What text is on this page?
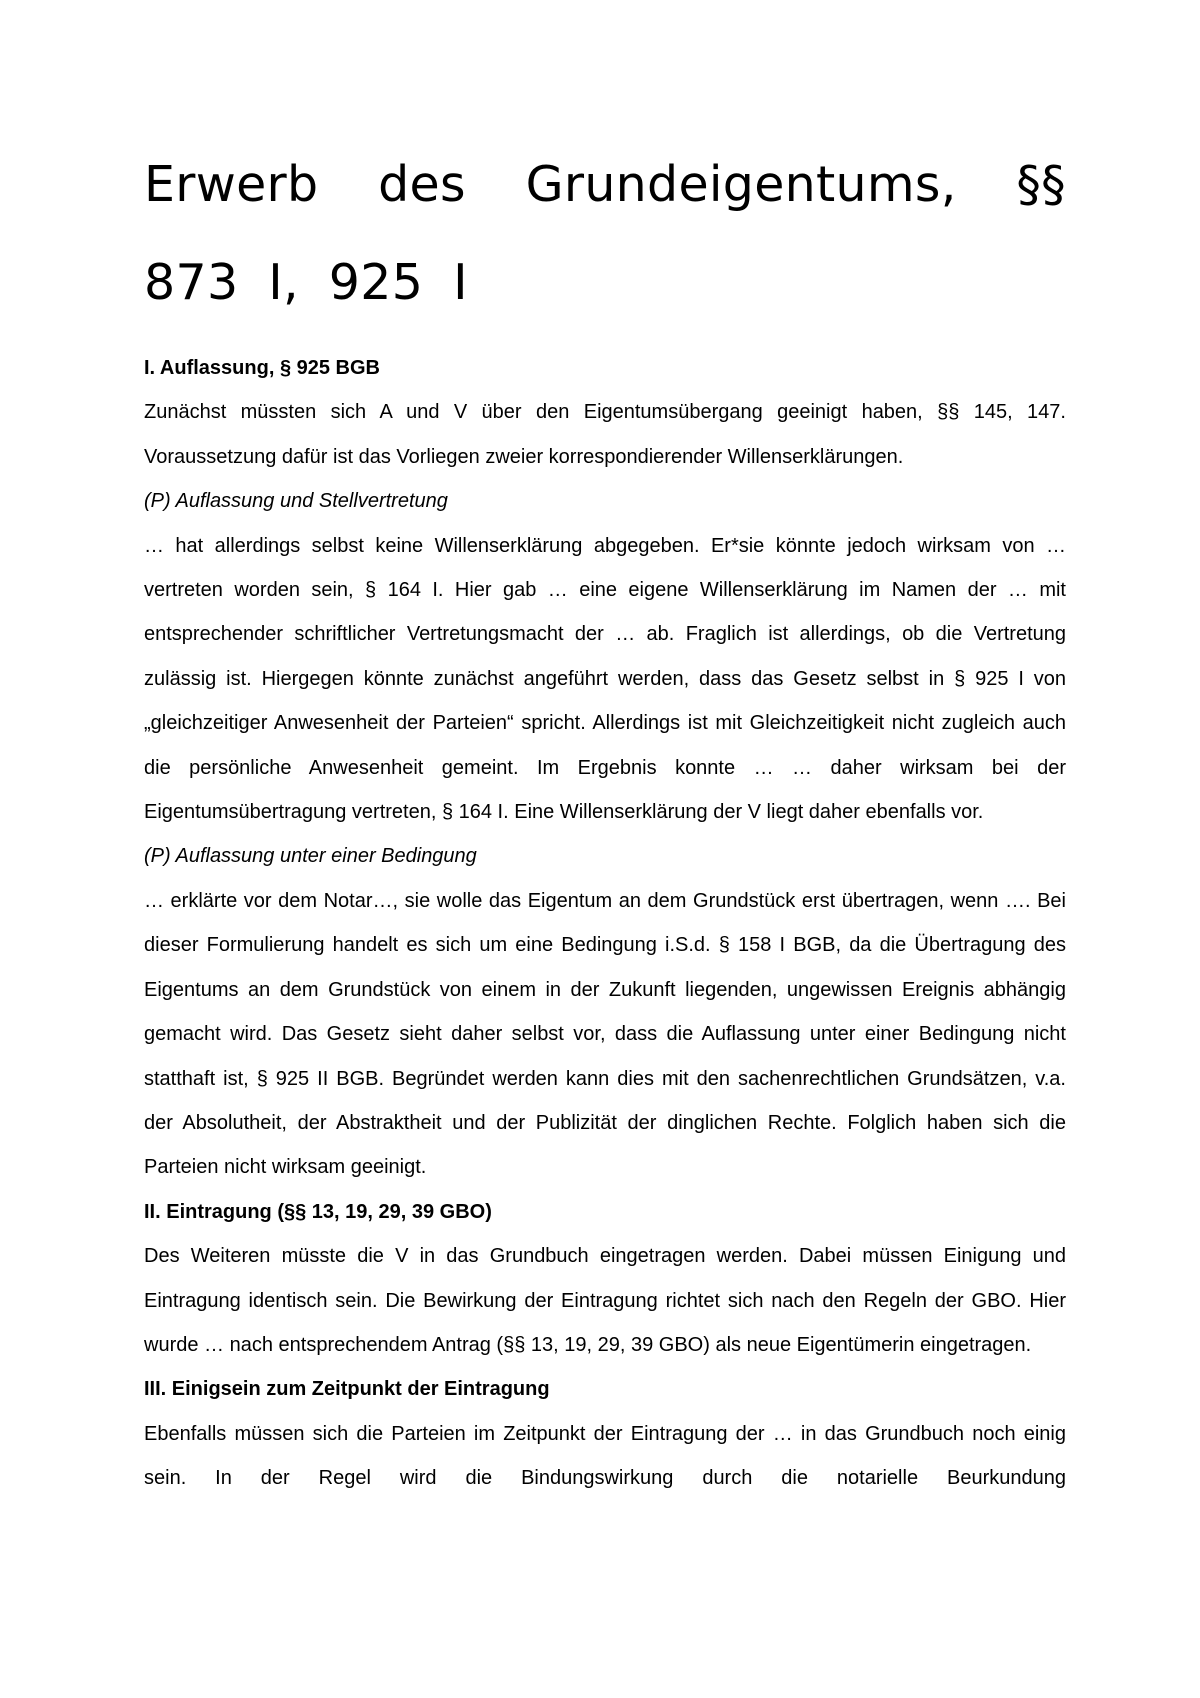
Erwerb des Grundeigentums, §§
873 I, 925 I

I. Auflassung, § 925 BGB

Zunächst müssten sich A und V über den Eigentumsübergang geeinigt haben, §§ 145, 147. Voraussetzung dafür ist das Vorliegen zweier korrespondierender Willenserklärungen.

(P) Auflassung und Stellvertretung

… hat allerdings selbst keine Willenserklärung abgegeben. Er*sie könnte jedoch wirksam von … vertreten worden sein, § 164 I. Hier gab … eine eigene Willenserklärung im Namen der … mit entsprechender schriftlicher Vertretungsmacht der … ab. Fraglich ist allerdings, ob die Vertretung zulässig ist. Hiergegen könnte zunächst angeführt werden, dass das Gesetz selbst in § 925 I von „gleichzeitiger Anwesenheit der Parteien“ spricht. Allerdings ist mit Gleichzeitigkeit nicht zugleich auch die persönliche Anwesenheit gemeint. Im Ergebnis konnte … … daher wirksam bei der Eigentumsübertragung vertreten, § 164 I. Eine Willenserklärung der V liegt daher ebenfalls vor.

(P) Auflassung unter einer Bedingung

… erklärte vor dem Notar…, sie wolle das Eigentum an dem Grundstück erst übertragen, wenn …. Bei dieser Formulierung handelt es sich um eine Bedingung i.S.d. § 158 I BGB, da die Übertragung des Eigentums an dem Grundstück von einem in der Zukunft liegenden, ungewissen Ereignis abhängig gemacht wird. Das Gesetz sieht daher selbst vor, dass die Auflassung unter einer Bedingung nicht statthaft ist, § 925 II BGB. Begründet werden kann dies mit den sachenrechtlichen Grundsätzen, v.a. der Absolutheit, der Abstraktheit und der Publizität der dinglichen Rechte. Folglich haben sich die Parteien nicht wirksam geeinigt.

II. Eintragung (§§ 13, 19, 29, 39 GBO)

Des Weiteren müsste die V in das Grundbuch eingetragen werden. Dabei müssen Einigung und Eintragung identisch sein. Die Bewirkung der Eintragung richtet sich nach den Regeln der GBO. Hier wurde … nach entsprechendem Antrag (§§ 13, 19, 29, 39 GBO) als neue Eigentümerin eingetragen.

III. Einigsein zum Zeitpunkt der Eintragung

Ebenfalls müssen sich die Parteien im Zeitpunkt der Eintragung der … in das Grundbuch noch einig sein. In der Regel wird die Bindungswirkung durch die notarielle Beurkundung
